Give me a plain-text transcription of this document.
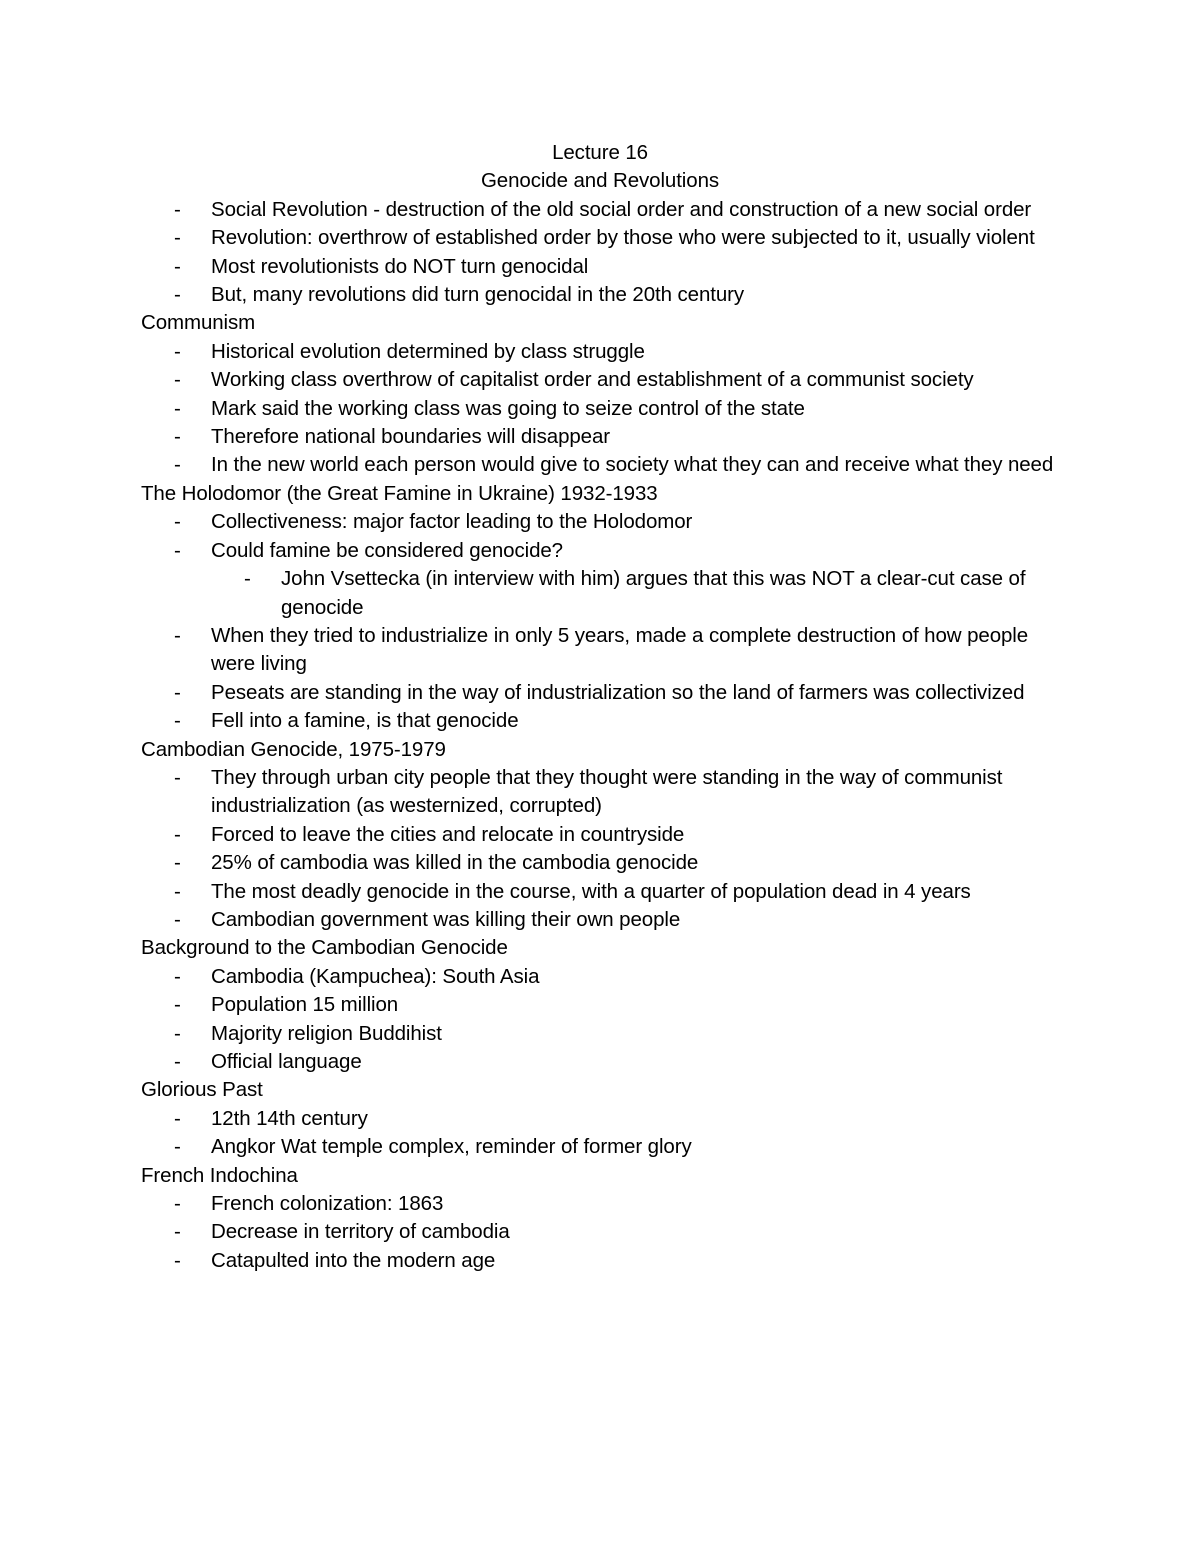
Lecture 16
Genocide and Revolutions
- Social Revolution - destruction of the old social order and construction of a new social order
- Revolution: overthrow of established order by those who were subjected to it, usually violent
- Most revolutionists do NOT turn genocidal
- But, many revolutions did turn genocidal in the 20th century
Communism
- Historical evolution determined by class struggle
- Working class overthrow of capitalist order and establishment of a communist society
- Mark said the working class was going to seize control of the state
- Therefore national boundaries will disappear
- In the new world each person would give to society what they can and receive what they need
The Holodomor (the Great Famine in Ukraine) 1932-1933
- Collectiveness: major factor leading to the Holodomor
- Could famine be considered genocide?
- John Vsettecka (in interview with him) argues that this was NOT a clear-cut case of genocide
- When they tried to industrialize in only 5 years, made a complete destruction of how people were living
- Peseats are standing in the way of industrialization so the land of farmers was collectivized
- Fell into a famine, is that genocide
Cambodian Genocide, 1975-1979
- They through urban city people that they thought were standing in the way of communist industrialization (as westernized, corrupted)
- Forced to leave the cities and relocate in countryside
- 25% of cambodia was killed in the cambodia genocide
- The most deadly genocide in the course, with a quarter of population dead in 4 years
- Cambodian government was killing their own people
Background to the Cambodian Genocide
- Cambodia (Kampuchea): South Asia
- Population 15 million
- Majority religion Buddihist
- Official language
Glorious Past
- 12th 14th century
- Angkor Wat temple complex, reminder of former glory
French Indochina
- French colonization: 1863
- Decrease in territory of cambodia
- Catapulted into the modern age
